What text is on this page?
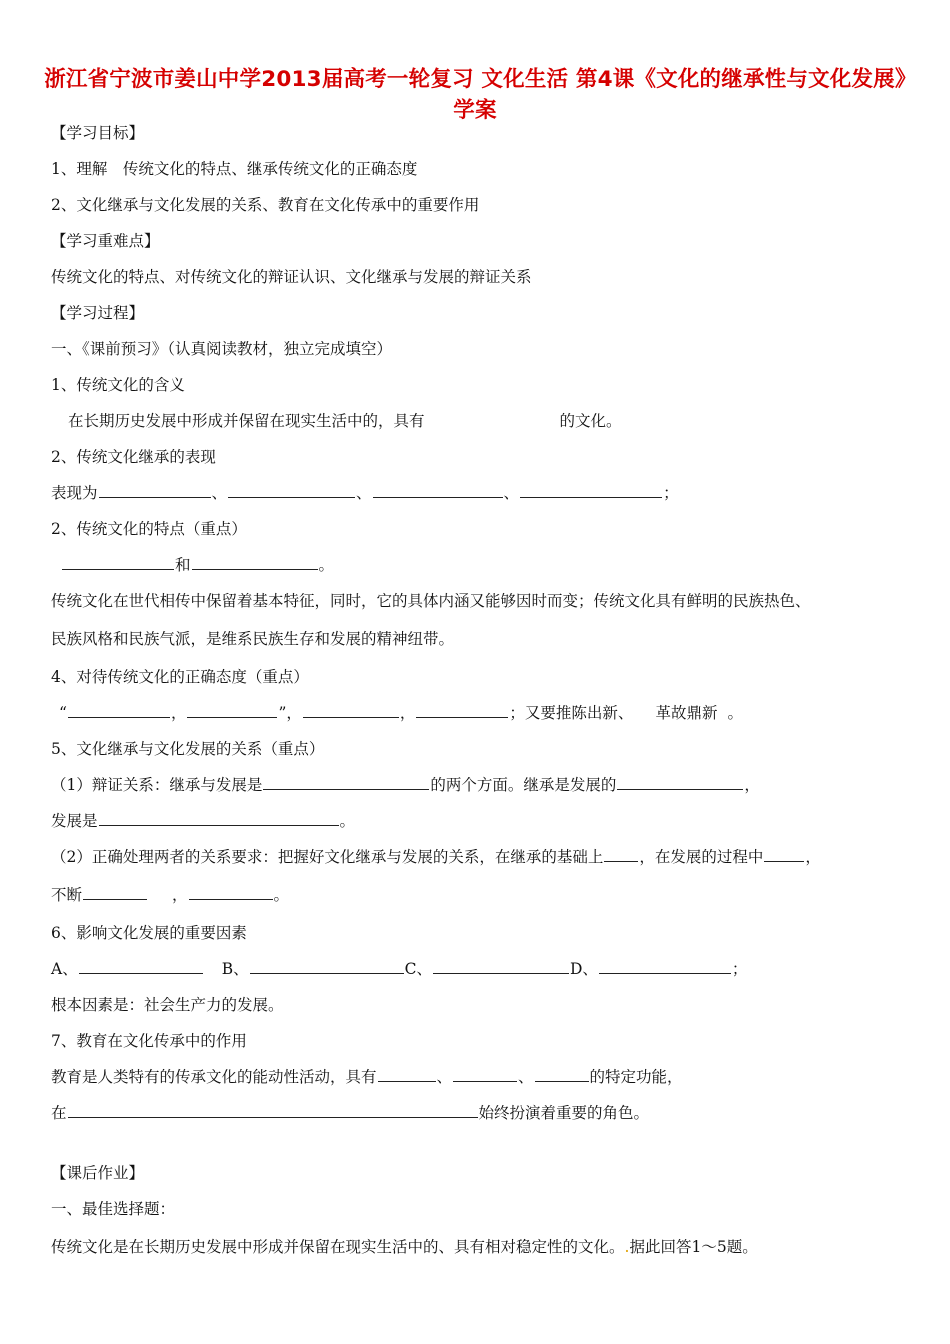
浙江省宁波市姜山中学2013届高考一轮复习 文化生活 第4课《文化的继承性与文化发展》学案
【学习目标】
1、理解　传统文化的特点、继承传统文化的正确态度
2、文化继承与文化发展的关系、教育在文化传承中的重要作用
【学习重难点】
传统文化的特点、对传统文化的辩证认识、文化继承与发展的辩证关系
【学习过程】
一、《课前预习》（认真阅读教材，独立完成填空）
1、传统文化的含义
在长期历史发展中形成并保留在现实生活中的，具有	的文化。
2、传统文化继承的表现
表现为	、	、	、	；
2、传统文化的特点（重点）
和	。
传统文化在世代相传中保留着基本特征，同时，它的具体内涵又能够因时而变；传统文化具有鲜明的民族热色、
民族风格和民族气派，是维系民族生存和发展的精神纽带。
4、对待传统文化的正确态度（重点）
“	，	”，	，	；又要推陈出新、 革故鼎新 。
5、文化继承与文化发展的关系（重点）
（1）辩证关系：继承与发展是	的两个方面。继承是发展的	，
发展是	。
（2）正确处理两者的关系要求：把握好文化继承与发展的关系，在继承的基础上 ，在发展的过程中	，
不断	，	。
6、影响文化发展的重要因素
A、	B、	C、	D、	；
根本因素是：社会生产力的发展。
7、教育在文化传承中的作用
教育是人类特有的传承文化的能动性活动，具有	、	、	的特定功能，
在	始终扮演着重要的角色。
【课后作业】
一、最佳选择题：
传统文化是在长期历史发展中形成并保留在现实生活中的、具有相对稳定性的文化。.据此回答1～5题。
